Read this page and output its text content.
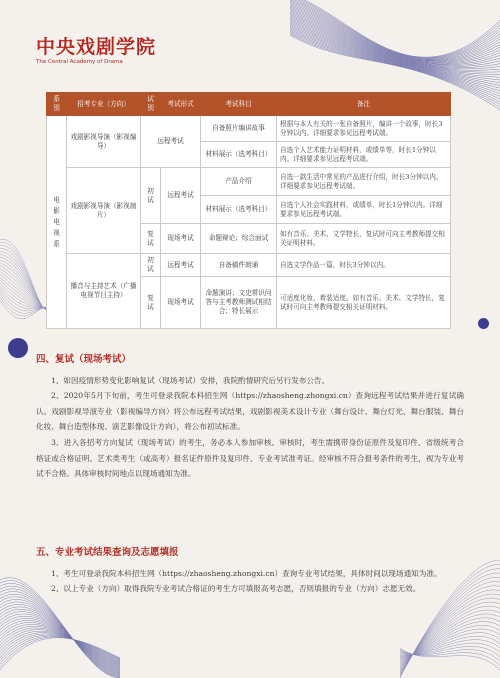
中央戏剧学院
The Central Academy of Drama
系别	招考专业（方向）	试别	考试形式	考试科目	备注
电影电视系	戏剧影视导演（影视编导）	远程考试		自备照片编讲故事	根据与本人有关的一张自备照片，编讲一个故事，时长3分钟以内。详细要求参见远程考试端。
				材料展示（选考科目）	自选个人艺术能力证明材料，或绩单等，时长1分钟以内。详细要求参见远程考试端。
	戏剧影视导演（影视制片）	初试	远程考试	产品介绍	自选一款生活中常见的产品进行介绍，时长3分钟以内。详细要求参见远程考试端。
				材料展示（选考科目）	自选个人社会实践材料，或绩单，时长1分钟以内。详细要求参见远程考试端。
		复试	现场考试	命题辩论；综合面试	如有音乐、美术、文学特长，复试时可向主考教师提交相关证明材料。
	播音与主持艺术（广播电视节目主持）	初试	远程考试	自备稿件朗诵	自选文学作品一篇，时长3分钟以内。
		复试	现场考试	命题演讲；文史常识问答与主考教师测试相结合；特长展示	可适度化妆，着装适度。如有音乐、美术、文学特长，复试时可向主考教师提交相关证明材料。
四、复试（现场考试）

1、如因疫情形势变化影响复试（现场考试）安排，我院酌情研究后另行发布公告。

2、2020年5月下旬前，考生可登录我院本科招生网（https://zhaosheng.zhongxi.cn）查询远程考试结果并进行复试确认。戏剧影视导演专业（影视编导方向）将公布远程考试结果，戏剧影视美术设计专业（舞台设计、舞台灯光、舞台服装、舞台化妆、舞台造型体现、演艺影像设计方向），将公布初试标准。

3、进入各招考方向复试（现场考试）的考生，务必本人参加审核。审核时，考生需携带身份证原件及复印件、省级统考合格证或合格证明、艺术类考生（或高考）报名证件原件及复印件、专业考试准考证。经审核不符合报考条件的考生，视为专业考试不合格。具体审核时间地点以现场通知为准。

五、专业考试结果查询及志愿填报

1、考生可登录我院本科招生网（https://zhaosheng.zhongxi.cn）查询专业考试结果，具体时间以现场通知为准。

2、以上专业（方向）取得我院专业考试合格证的考生方可填报高考志愿，否则填报的专业（方向）志愿无效。
